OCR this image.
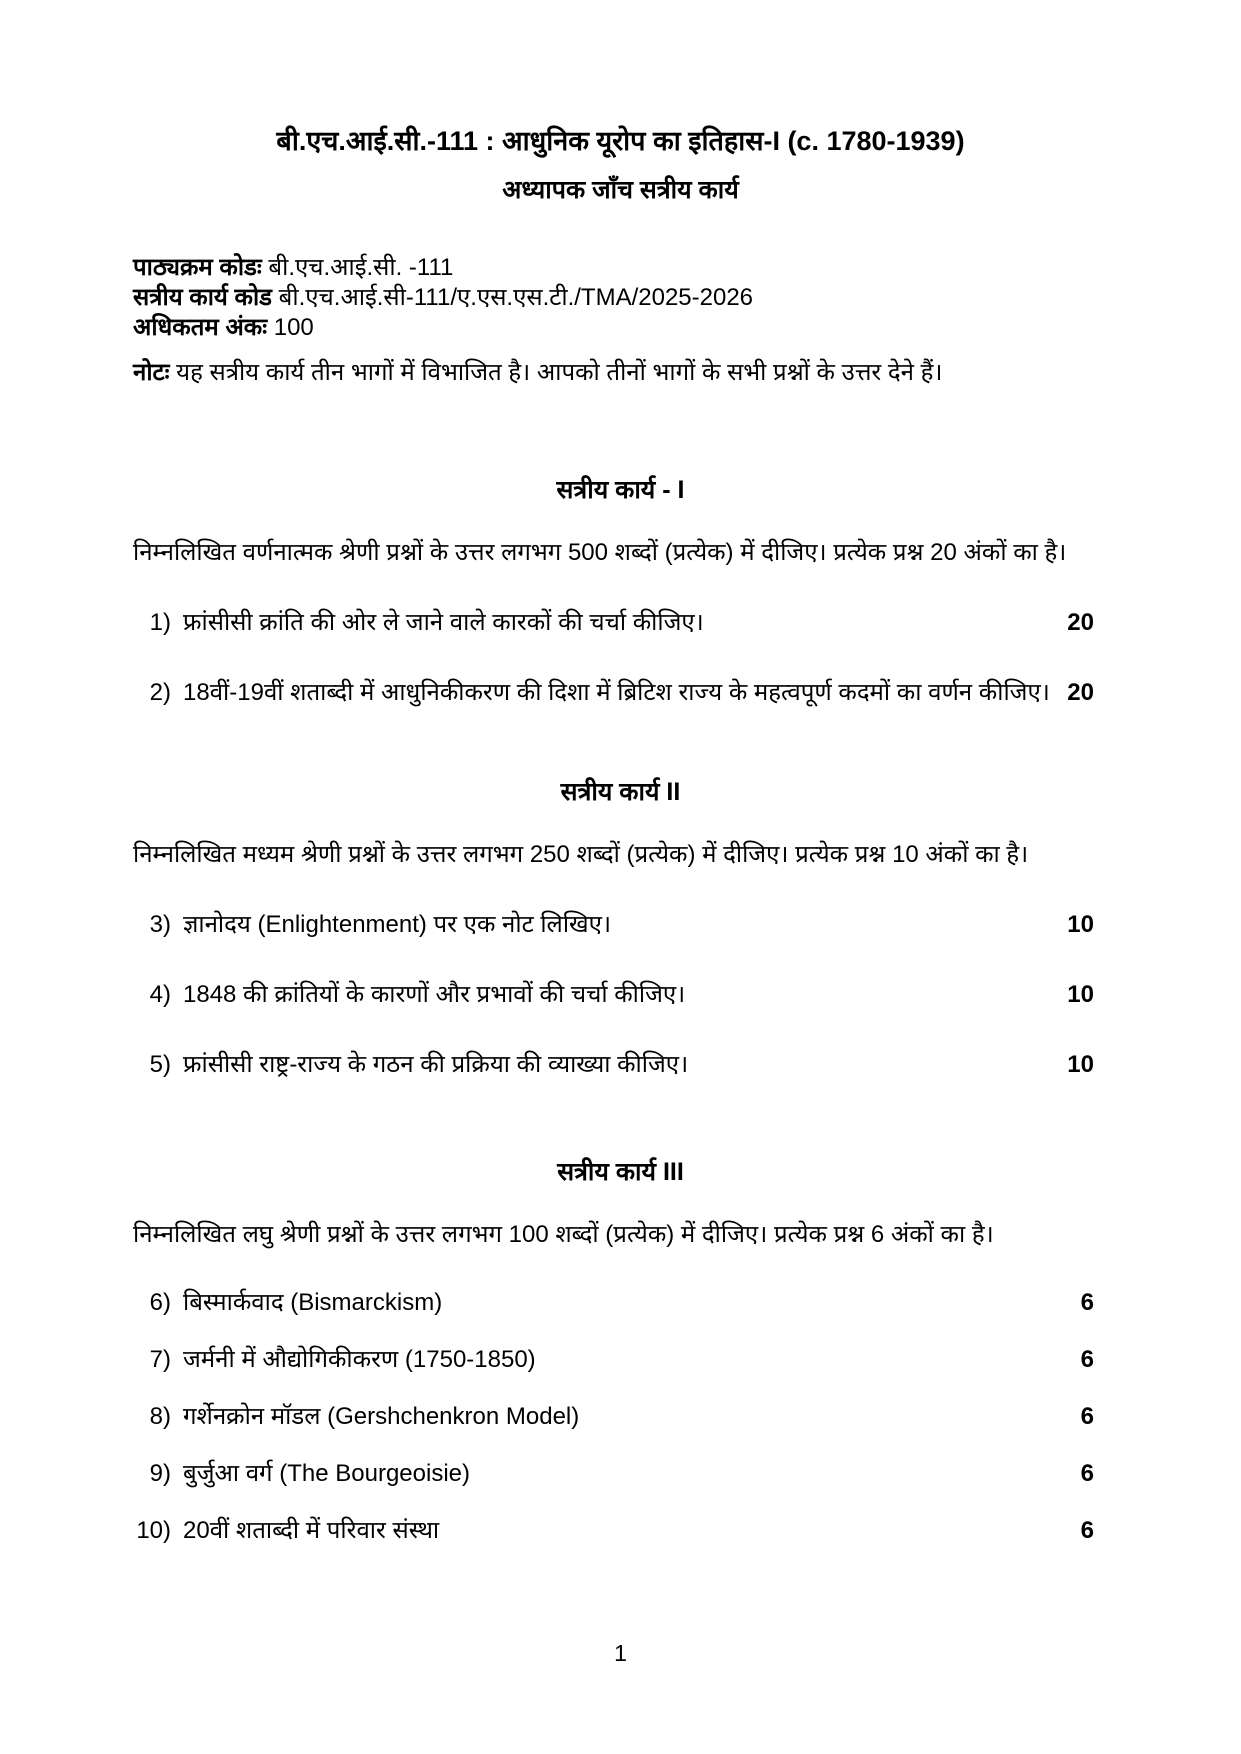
बी.एच.आई.सी.-111 : आधुनिक यूरोप का इतिहास-I (c. 1780-1939)
अध्यापक जाँच सत्रीय कार्य
पाठ्यक्रम कोडः बी.एच.आई.सी. -111
सत्रीय कार्य कोड बी.एच.आई.सी-111/ए.एस.एस.टी./TMA/2025-2026
अधिकतम अंकः 100

नोटः यह सत्रीय कार्य तीन भागों में विभाजित है। आपको तीनों भागों के सभी प्रश्नों के उत्तर देने हैं।

सत्रीय कार्य - I

निम्नलिखित वर्णनात्मक श्रेणी प्रश्नों के उत्तर लगभग 500 शब्दों (प्रत्येक) में दीजिए। प्रत्येक प्रश्न 20 अंकों का है।

1) फ्रांसीसी क्रांति की ओर ले जाने वाले कारकों की चर्चा कीजिए।	20
2) 18वीं-19वीं शताब्दी में आधुनिकीकरण की दिशा में ब्रिटिश राज्य के महत्वपूर्ण कदमों का वर्णन कीजिए। 20
सत्रीय कार्य II

निम्नलिखित मध्यम श्रेणी प्रश्नों के उत्तर लगभग 250 शब्दों (प्रत्येक) में दीजिए। प्रत्येक प्रश्न 10 अंकों का है।

3) ज्ञानोदय (Enlightenment) पर एक नोट लिखिए।	10
4) 1848 की क्रांतियों के कारणों और प्रभावों की चर्चा कीजिए।	10
5) फ्रांसीसी राष्ट्र-राज्य के गठन की प्रक्रिया की व्याख्या कीजिए।	10
सत्रीय कार्य III

निम्नलिखित लघु श्रेणी प्रश्नों के उत्तर लगभग 100 शब्दों (प्रत्येक) में दीजिए। प्रत्येक प्रश्न 6 अंकों का है।

6) बिस्मार्कवाद (Bismarckism)	6
7) जर्मनी में औद्योगिकीकरण (1750-1850)	6
8) गर्शेनक्रोन मॉडल (Gershchenkron Model)	6
9) बुर्जुआ वर्ग (The Bourgeoisie)	6
10) 20वीं शताब्दी में परिवार संस्था	6
1
